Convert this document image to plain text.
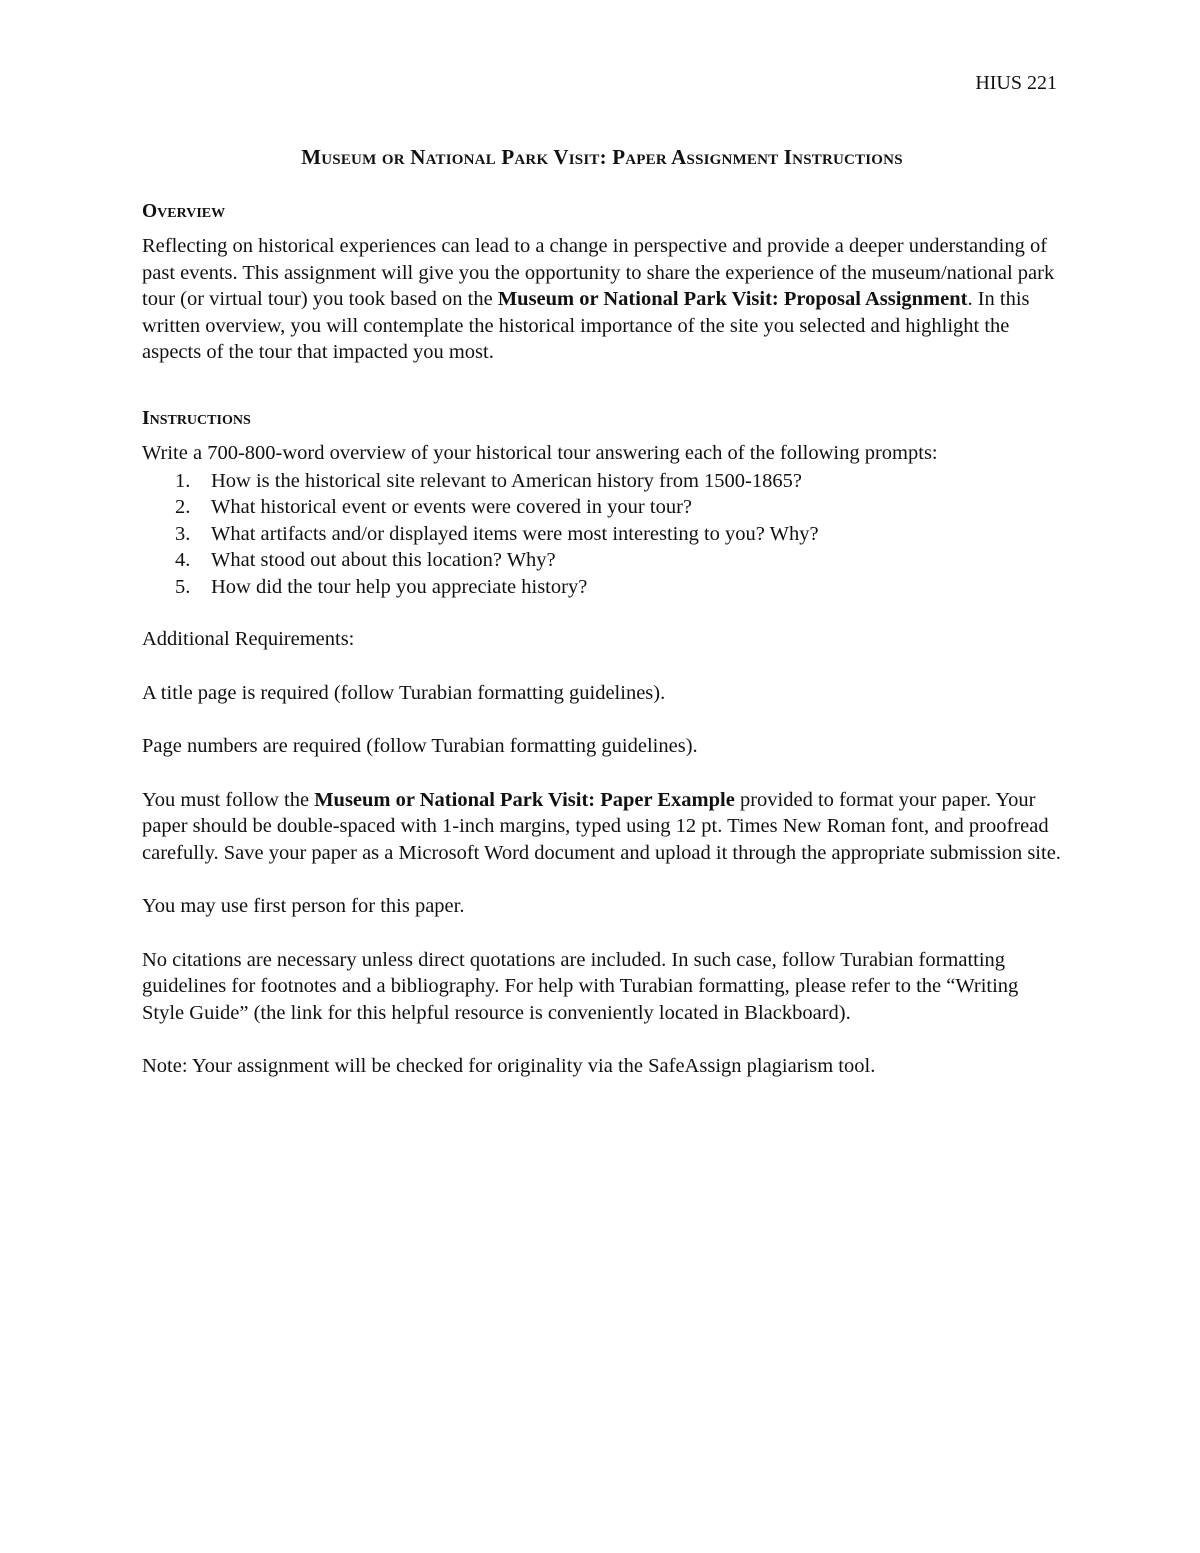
HIUS 221
Museum or National Park Visit: Paper Assignment Instructions
Overview

Reflecting on historical experiences can lead to a change in perspective and provide a deeper understanding of past events. This assignment will give you the opportunity to share the experience of the museum/national park tour (or virtual tour) you took based on the Museum or National Park Visit: Proposal Assignment. In this written overview, you will contemplate the historical importance of the site you selected and highlight the aspects of the tour that impacted you most.

Instructions

Write a 700-800-word overview of your historical tour answering each of the following prompts:

1. How is the historical site relevant to American history from 1500-1865?
2. What historical event or events were covered in your tour?
3. What artifacts and/or displayed items were most interesting to you? Why?
4. What stood out about this location? Why?
5. How did the tour help you appreciate history?

Additional Requirements:

A title page is required (follow Turabian formatting guidelines).

Page numbers are required (follow Turabian formatting guidelines).

You must follow the Museum or National Park Visit: Paper Example provided to format your paper. Your paper should be double-spaced with 1-inch margins, typed using 12 pt. Times New Roman font, and proofread carefully. Save your paper as a Microsoft Word document and upload it through the appropriate submission site.

You may use first person for this paper.

No citations are necessary unless direct quotations are included. In such case, follow Turabian formatting guidelines for footnotes and a bibliography. For help with Turabian formatting, please refer to the “Writing Style Guide” (the link for this helpful resource is conveniently located in Blackboard).

Note: Your assignment will be checked for originality via the SafeAssign plagiarism tool.
